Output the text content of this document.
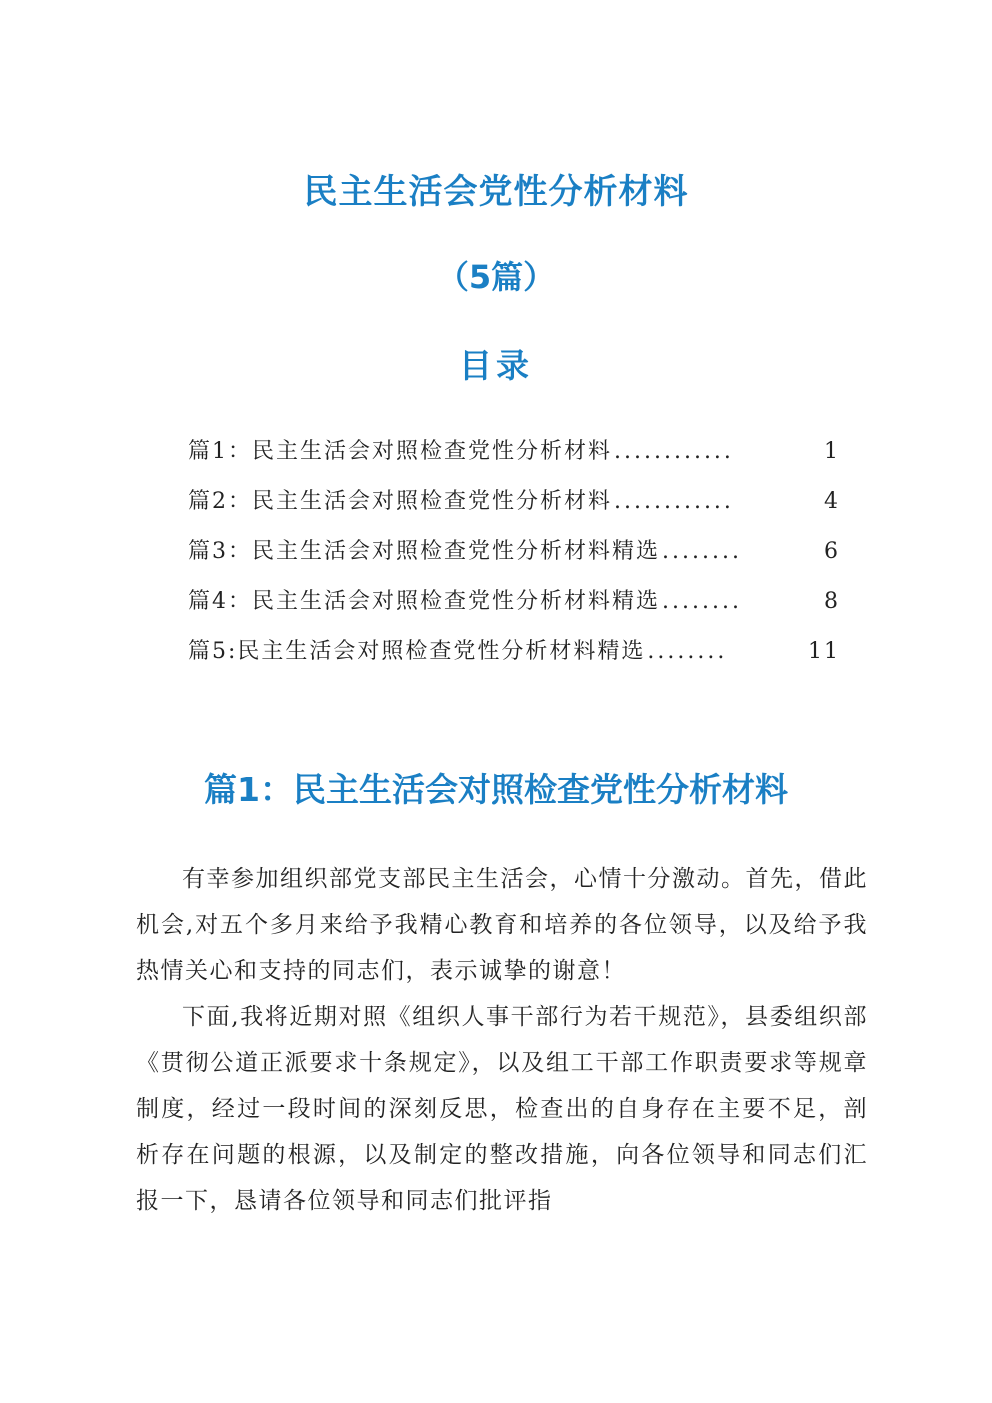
民主生活会党性分析材料
（5篇）
目录
篇1：民主生活会对照检查党性分析材料 ............	1
篇2：民主生活会对照检查党性分析材料 ............	4
篇3：民主生活会对照检查党性分析材料精选 ........	6
篇4：民主生活会对照检查党性分析材料精选 ........	8
篇5:民主生活会对照检查党性分析材料精选 ........	11
篇1：民主生活会对照检查党性分析材料

有幸参加组织部党支部民主生活会，心情十分激动。首先，借此机会,对五个多月来给予我精心教育和培养的各位领导，以及给予我热情关心和支持的同志们，表示诚挚的谢意！

下面,我将近期对照《组织人事干部行为若干规范》，县委组织部《贯彻公道正派要求十条规定》，以及组工干部工作职责要求等规章制度，经过一段时间的深刻反思，检查出的自身存在主要不足，剖析存在问题的根源，以及制定的整改措施，向各位领导和同志们汇报一下，恳请各位领导和同志们批评指
